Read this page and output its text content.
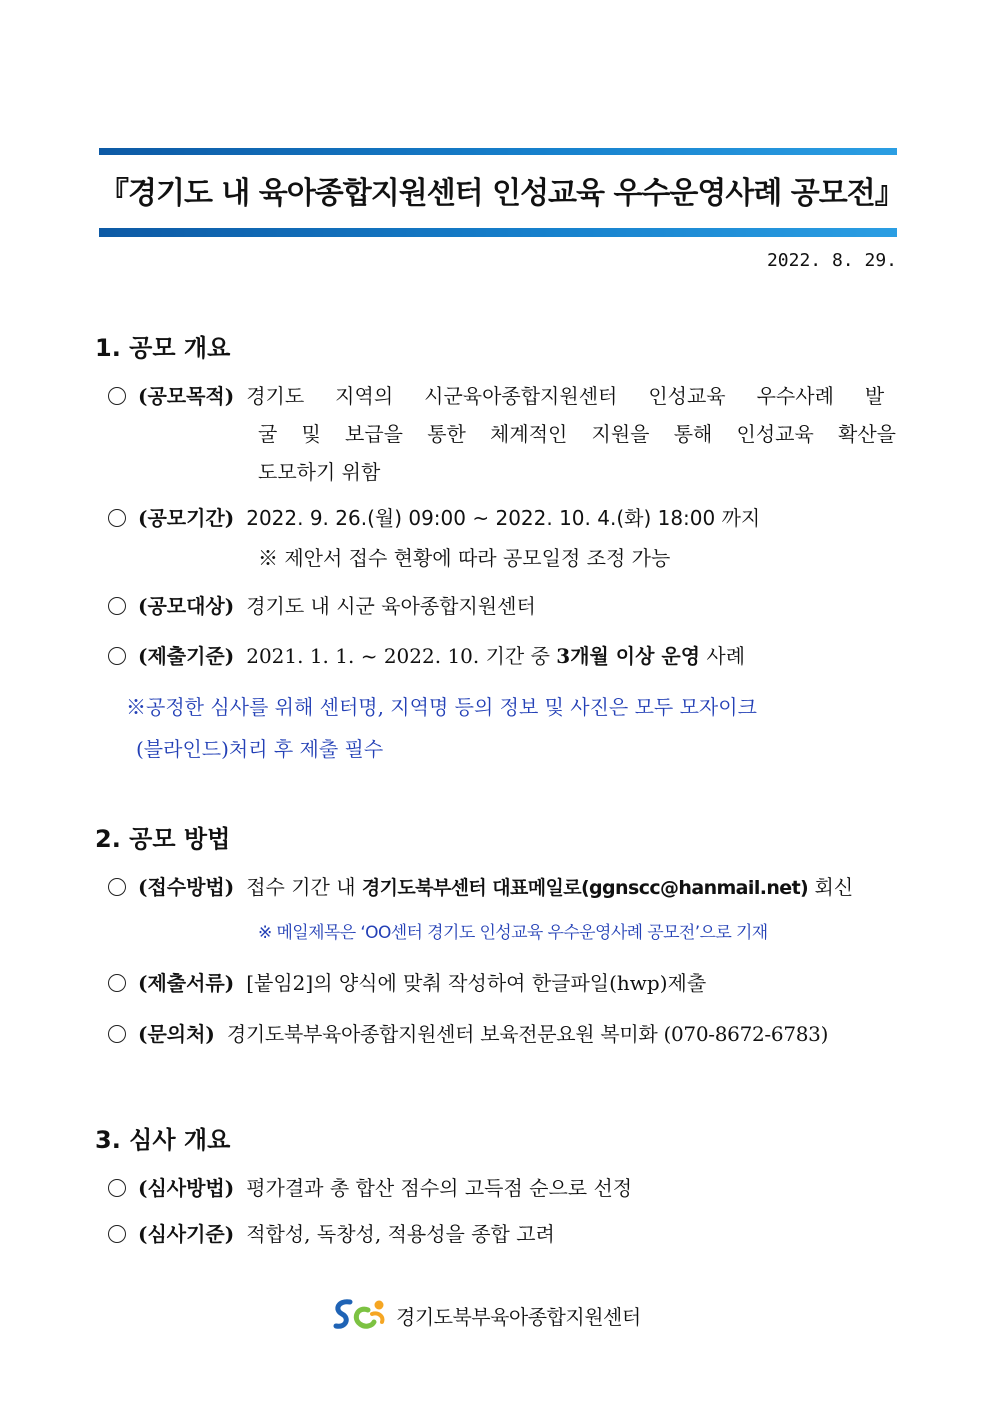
『경기도 내 육아종합지원센터 인성교육 우수운영사례 공모전』
2022. 8. 29.
1. 공모 개요
(공모목적) 경기도 지역의 시군육아종합지원센터 인성교육 우수사례 발
굴 및 보급을 통한 체계적인 지원을 통해 인성교육 확산을
도모하기 위함
(공모기간) 2022. 9. 26.(월) 09:00 ~ 2022. 10. 4.(화) 18:00 까지
※ 제안서 접수 현황에 따라 공모일정 조정 가능
(공모대상) 경기도 내 시군 육아종합지원센터
(제출기준) 2021. 1. 1. ~ 2022. 10. 기간 중 3개월 이상 운영 사례
※공정한 심사를 위해 센터명, 지역명 등의 정보 및 사진은 모두 모자이크
(블라인드)처리 후 제출 필수
2. 공모 방법
(접수방법) 접수 기간 내 경기도북부센터 대표메일로(ggnscc@hanmail.net) 회신
※ 메일제목은 ‘OO센터 경기도 인성교육 우수운영사례 공모전’으로 기재
(제출서류) [붙임2]의 양식에 맞춰 작성하여 한글파일(hwp)제출
(문의처) 경기도북부육아종합지원센터 보육전문요원 복미화 (070-8672-6783)
3. 심사 개요
(심사방법) 평가결과 총 합산 점수의 고득점 순으로 선정
(심사기준) 적합성, 독창성, 적용성을 종합 고려
경기도북부육아종합지원센터
